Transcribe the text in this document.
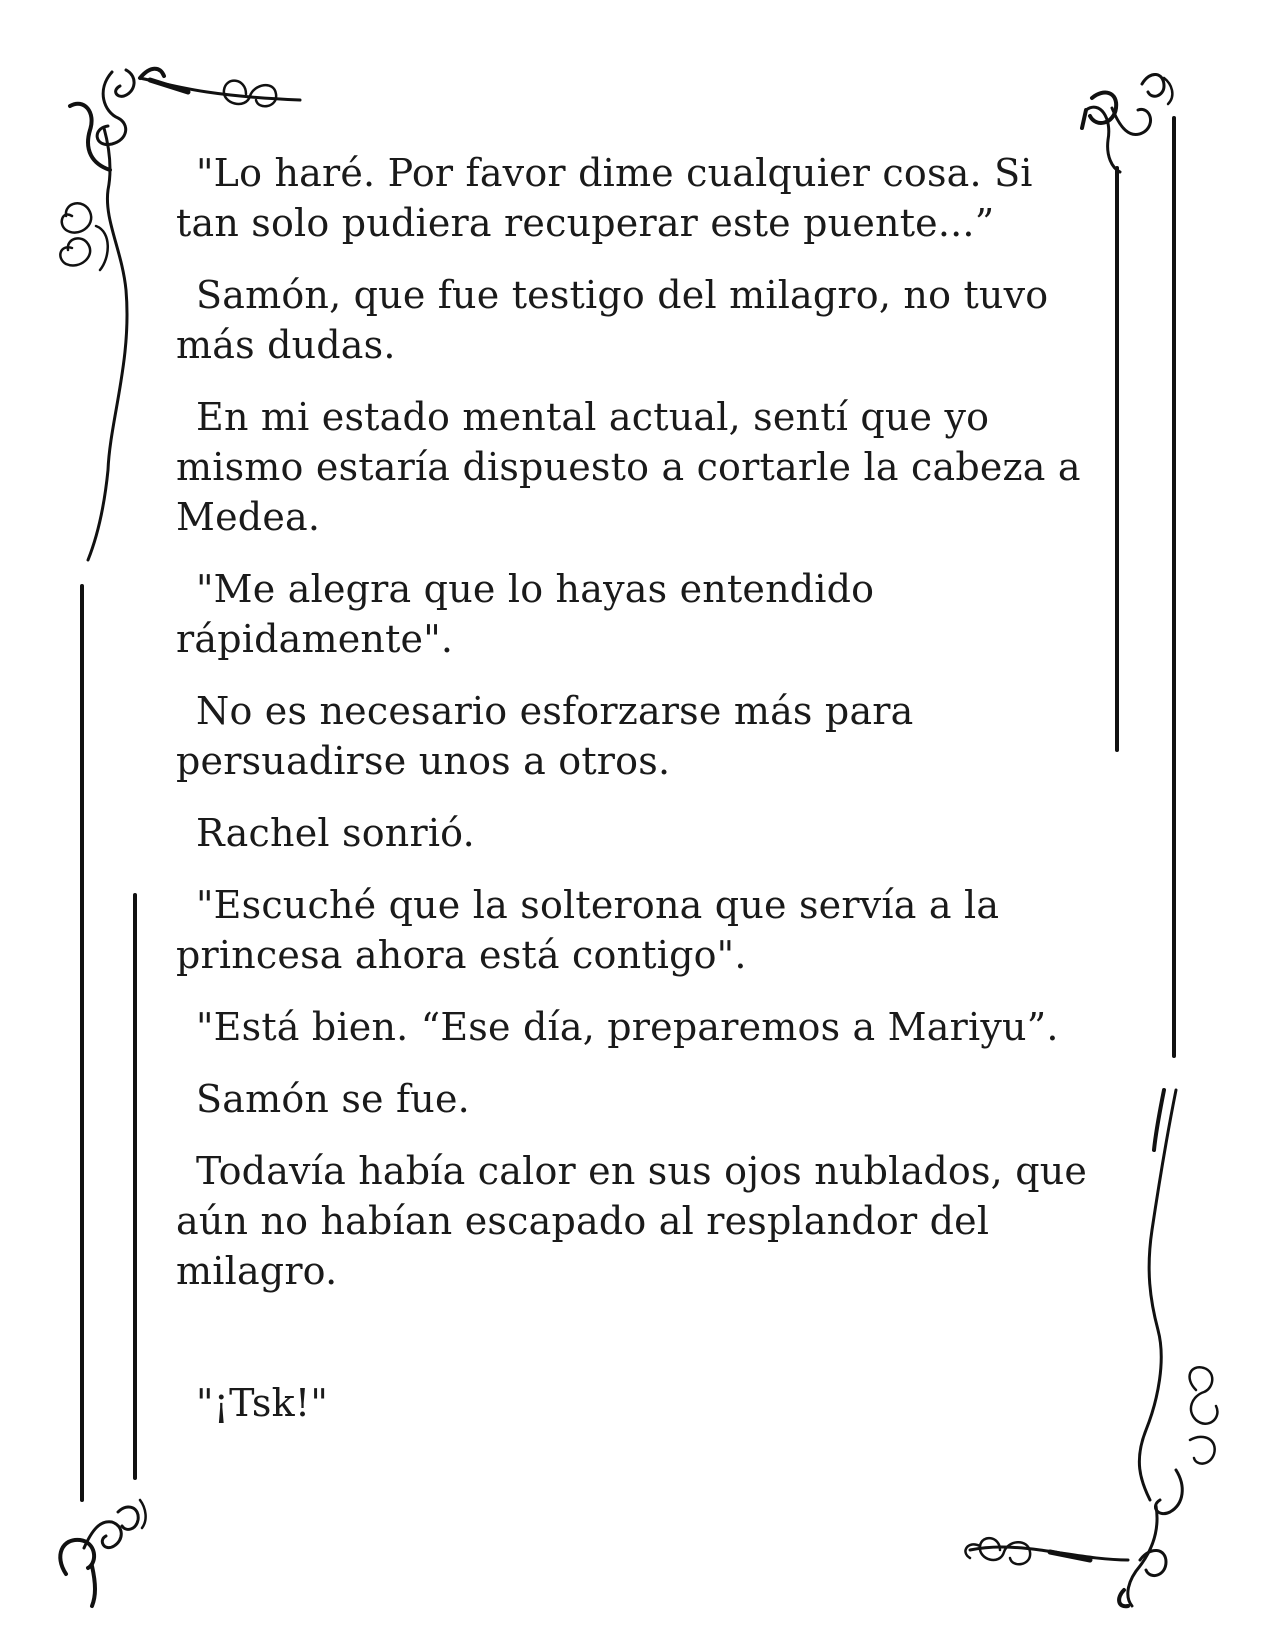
"Lo haré. Por favor dime cualquier cosa. Si tan solo pudiera recuperar este puente...”

Samón, que fue testigo del milagro, no tuvo más dudas.

En mi estado mental actual, sentí que yo mismo estaría dispuesto a cortarle la cabeza a Medea.

"Me alegra que lo hayas entendido rápidamente".

No es necesario esforzarse más para persuadirse unos a otros.

Rachel sonrió.

"Escuché que la solterona que servía a la princesa ahora está contigo".

"Está bien. “Ese día, preparemos a Mariyu”.

Samón se fue.

Todavía había calor en sus ojos nublados, que aún no habían escapado al resplandor del milagro.

"¡Tsk!"
